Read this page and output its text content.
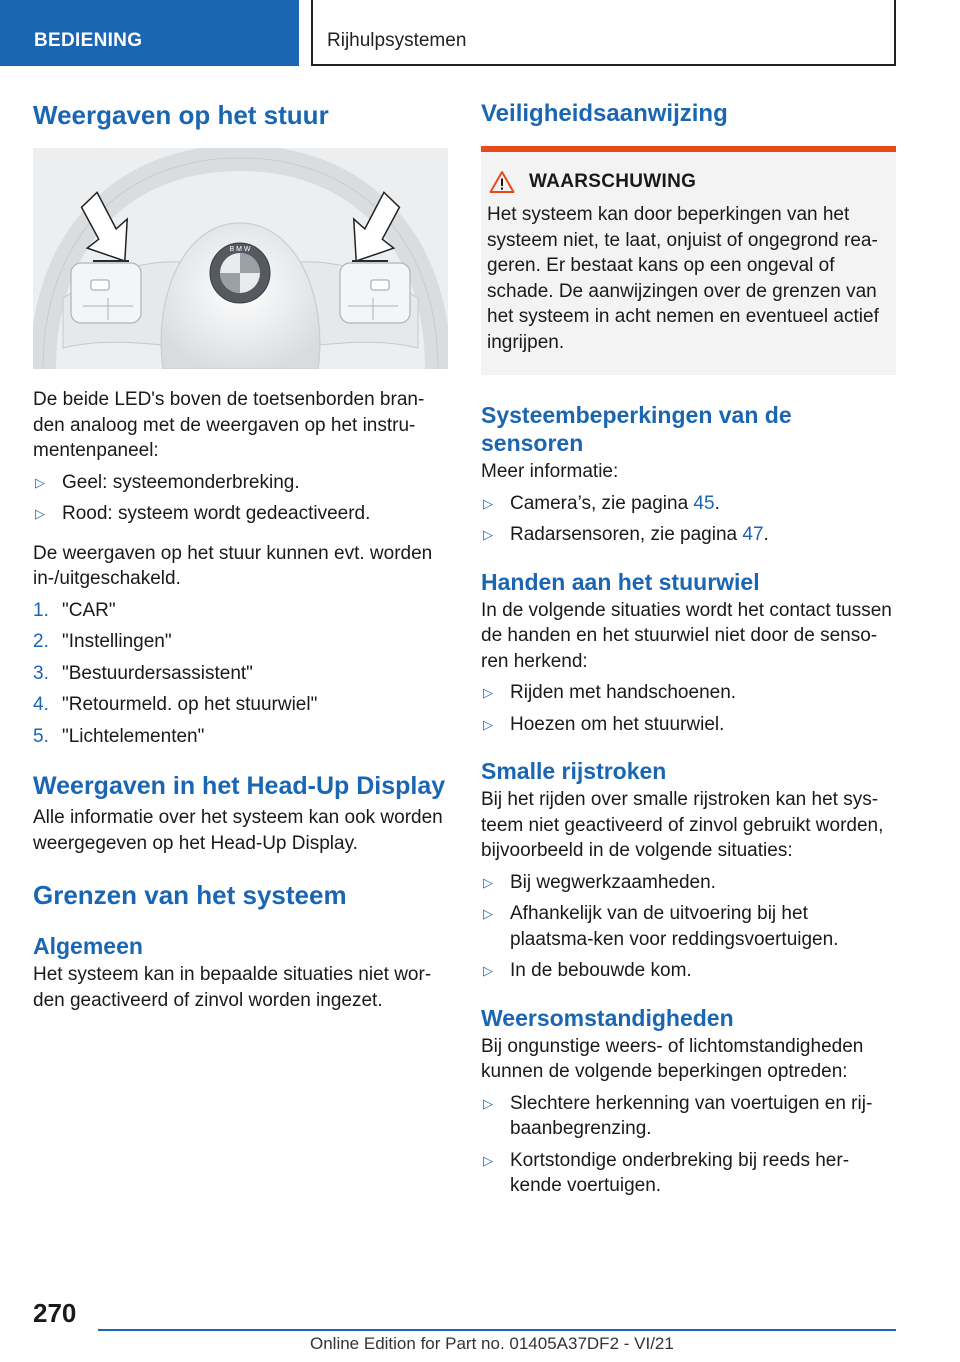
BEDIENING	Rijhulpsystemen
Weergaven op het stuur
B M W

De beide LED's boven de toetsenborden bran-den analoog met de weergaven op het instru-mentenpaneel:

▷ Geel: systeemonderbreking.
▷ Rood: systeem wordt gedeactiveerd.

De weergaven op het stuur kunnen evt. worden in-/uitgeschakeld.

1. "CAR"
2. "Instellingen"
3. "Bestuurdersassistent"
4. "Retourmeld. op het stuurwiel"
5. "Lichtelementen"
Weergaven in het Head-Up Display

Alle informatie over het systeem kan ook worden weergegeven op het Head-Up Display.

Grenzen van het systeem
Algemeen

Het systeem kan in bepaalde situaties niet wor-den geactiveerd of zinvol worden ingezet.

Veiligheidsaanwijzing
WAARSCHUWING

Het systeem kan door beperkingen van het systeem niet, te laat, onjuist of ongegrond rea-geren. Er bestaat kans op een ongeval of schade. De aanwijzingen over de grenzen van het systeem in acht nemen en eventueel actief ingrijpen.

Systeembeperkingen van de sensoren

Meer informatie:

▷ Camera’s, zie pagina 45.
▷ Radarsensoren, zie pagina 47.
Handen aan het stuurwiel

In de volgende situaties wordt het contact tussen de handen en het stuurwiel niet door de senso-ren herkend:

▷ Rijden met handschoenen.
▷ Hoezen om het stuurwiel.
Smalle rijstroken

Bij het rijden over smalle rijstroken kan het sys-teem niet geactiveerd of zinvol gebruikt worden, bijvoorbeeld in de volgende situaties:

▷ Bij wegwerkzaamheden.
▷ Afhankelijk van de uitvoering bij het plaatsma-ken voor reddingsvoertuigen.
▷ In de bebouwde kom.
Weersomstandigheden

Bij ongunstige weers- of lichtomstandigheden kunnen de volgende beperkingen optreden:

▷ Slechtere herkenning van voertuigen en rij-baanbegrenzing.
▷ Kortstondige onderbreking bij reeds her-kende voertuigen.
270
Online Edition for Part no. 01405A37DF2 - VI/21
